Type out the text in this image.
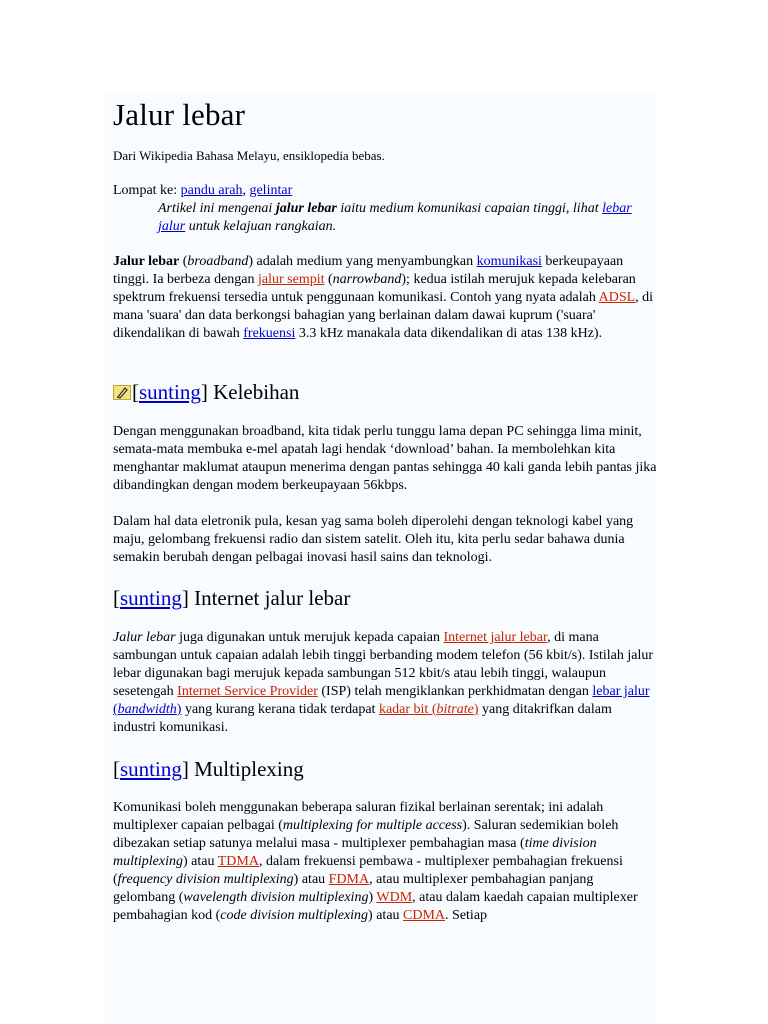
Jalur lebar
Dari Wikipedia Bahasa Melayu, ensiklopedia bebas.
Lompat ke: pandu arah, gelintar
Artikel ini mengenai jalur lebar iaitu medium komunikasi capaian tinggi, lihat lebar jalur untuk kelajuan rangkaian.

Jalur lebar (broadband) adalah medium yang menyambungkan komunikasi berkeupayaan tinggi. Ia berbeza dengan jalur sempit (narrowband); kedua istilah merujuk kepada kelebaran spektrum frekuensi tersedia untuk penggunaan komunikasi. Contoh yang nyata adalah ADSL, di mana 'suara' dan data berkongsi bahagian yang berlainan dalam dawai kuprum ('suara' dikendalikan di bawah frekuensi 3.3 kHz manakala data dikendalikan di atas 138 kHz).

[sunting] Kelebihan

Dengan menggunakan broadband, kita tidak perlu tunggu lama depan PC sehingga lima minit, semata-mata membuka e-mel apatah lagi hendak ‘download’ bahan. Ia membolehkan kita menghantar maklumat ataupun menerima dengan pantas sehingga 40 kali ganda lebih pantas jika dibandingkan dengan modem berkeupayaan 56kbps.

Dalam hal data eletronik pula, kesan yag sama boleh diperolehi dengan teknologi kabel yang maju, gelombang frekuensi radio dan sistem satelit. Oleh itu, kita perlu sedar bahawa dunia semakin berubah dengan pelbagai inovasi hasil sains dan teknologi.

[sunting] Internet jalur lebar

Jalur lebar juga digunakan untuk merujuk kepada capaian Internet jalur lebar, di mana sambungan untuk capaian adalah lebih tinggi berbanding modem telefon (56 kbit/s). Istilah jalur lebar digunakan bagi merujuk kepada sambungan 512 kbit/s atau lebih tinggi, walaupun sesetengah Internet Service Provider (ISP) telah mengiklankan perkhidmatan dengan lebar jalur (bandwidth) yang kurang kerana tidak terdapat kadar bit (bitrate) yang ditakrifkan dalam industri komunikasi.

[sunting] Multiplexing

Komunikasi boleh menggunakan beberapa saluran fizikal berlainan serentak; ini adalah multiplexer capaian pelbagai (multiplexing for multiple access). Saluran sedemikian boleh dibezakan setiap satunya melalui masa - multiplexer pembahagian masa (time division multiplexing) atau TDMA, dalam frekuensi pembawa - multiplexer pembahagian frekuensi (frequency division multiplexing) atau FDMA, atau multiplexer pembahagian panjang gelombang (wavelength division multiplexing) WDM, atau dalam kaedah capaian multiplexer pembahagian kod (code division multiplexing) atau CDMA. Setiap
